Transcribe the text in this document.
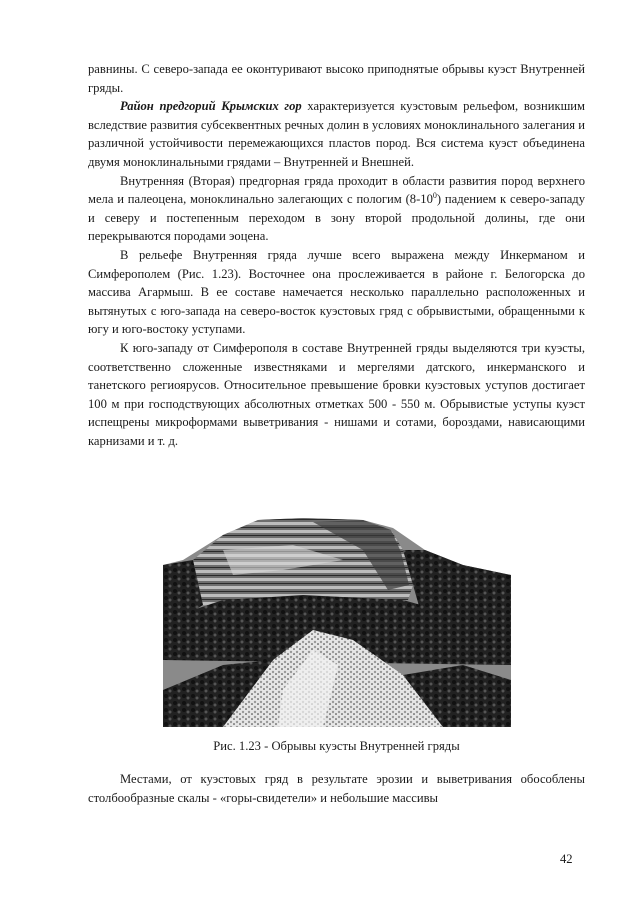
равнины. С северо-запада ее оконтуривают высоко приподнятые обрывы куэст Внутренней гряды.

Район предгорий Крымских гор характеризуется куэстовым рельефом, возникшим вследствие развития субсеквентных речных долин в условиях моноклинального залегания и различной устойчивости перемежающихся пластов пород. Вся система куэст объединена двумя моноклинальными грядами – Внутренней и Внешней.

Внутренняя (Вторая) предгорная гряда проходит в области развития пород верхнего мела и палеоцена, моноклинально залегающих с пологим $(8-10^0)$ падением к северо-западу и северу и постепенным переходом в зону второй продольной долины, где они перекрываются породами эоцена.

В рельефе Внутренняя гряда лучше всего выражена между Инкерманом и Симферополем (Рис. 1.23). Восточнее она прослеживается в районе г. Белогорска до массива Агармыш. В ее составе намечается несколько параллельно расположенных и вытянутых с юго-запада на северо-восток куэстовых гряд с обрывистыми, обращенными к югу и юго-востоку уступами.

К юго-западу от Симферополя в составе Внутренней гряды выделяются три куэсты, соответственно сложенные известняками и мергелями датского, инкерманского и танетского региоярусов. Относительное превышение бровки куэстовых уступов достигает 100 м при господствующих абсолютных отметках 500 - 550 м. Обрывистые уступы куэст испещрены микроформами выветривания - нишами и сотами, бороздами, нависающими карнизами и т. д.

Рис. 1.23 - Обрывы куэсты Внутренней гряды

Местами, от куэстовых гряд в результате эрозии и выветривания обособлены столбообразные скалы - «горы-свидетели» и небольшие массивы

42
